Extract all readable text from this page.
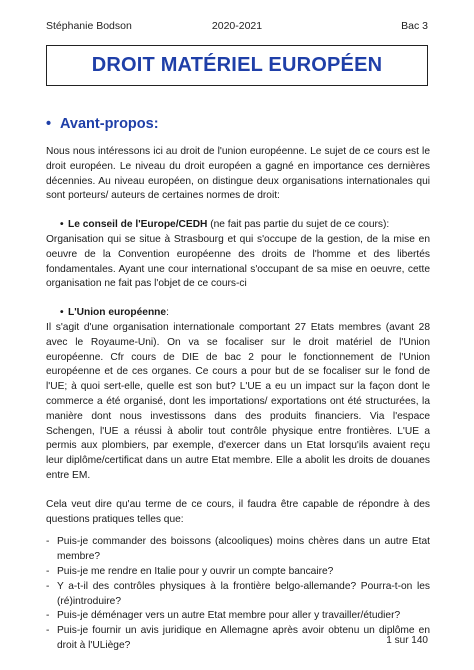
Stéphanie Bodson	2020-2021	Bac 3
DROIT MATÉRIEL EUROPÉEN
• Avant-propos:

Nous nous intéressons ici au droit de l'union européenne. Le sujet de ce cours est le droit européen. Le niveau du droit européen a gagné en importance ces dernières décennies. Au niveau européen, on distingue deux organisations internationales qui sont porteurs/ auteurs de certaines normes de droit:

• Le conseil de l'Europe/CEDH (ne fait pas partie du sujet de ce cours):

Organisation qui se situe à Strasbourg et qui s'occupe de la gestion, de la mise en oeuvre de la Convention européenne des droits de l'homme et des libertés fondamentales. Ayant une cour international s'occupant de sa mise en oeuvre, cette organisation ne fait pas l'objet de ce cours-ci

• L'Union européenne:

Il s'agit d'une organisation internationale comportant 27 Etats membres (avant 28 avec le Royaume-Uni). On va se focaliser sur le droit matériel de l'Union européenne. Cfr cours de DIE de bac 2 pour le fonctionnement de l'Union européenne et de ces organes. Ce cours a pour but de se focaliser sur le fond de l'UE; à quoi sert-elle, quelle est son but? L'UE a eu un impact sur la façon dont le commerce a été organisé, dont les importations/ exportations ont été structurées, la manière dont nous investissons dans des produits financiers. Via l'espace Schengen, l'UE a réussi à abolir tout contrôle physique entre frontières. L'UE a permis aux plombiers, par exemple, d'exercer dans un Etat lorsqu'ils avaient reçu leur diplôme/certificat dans un autre Etat membre. Elle a abolit les droits de douanes entre EM.

Cela veut dire qu'au terme de ce cours, il faudra être capable de répondre à des questions pratiques telles que:

- Puis-je commander des boissons (alcooliques) moins chères dans un autre Etat membre?
- Puis-je me rendre en Italie pour y ouvrir un compte bancaire?
- Y a-t-il des contrôles physiques à la frontière belgo-allemande? Pourra-t-on les (ré)introduire?
- Puis-je déménager vers un autre Etat membre pour aller y travailler/étudier?
- Puis-je fournir un avis juridique en Allemagne après avoir obtenu un diplôme en droit à l'ULiège?	1 sur 140
